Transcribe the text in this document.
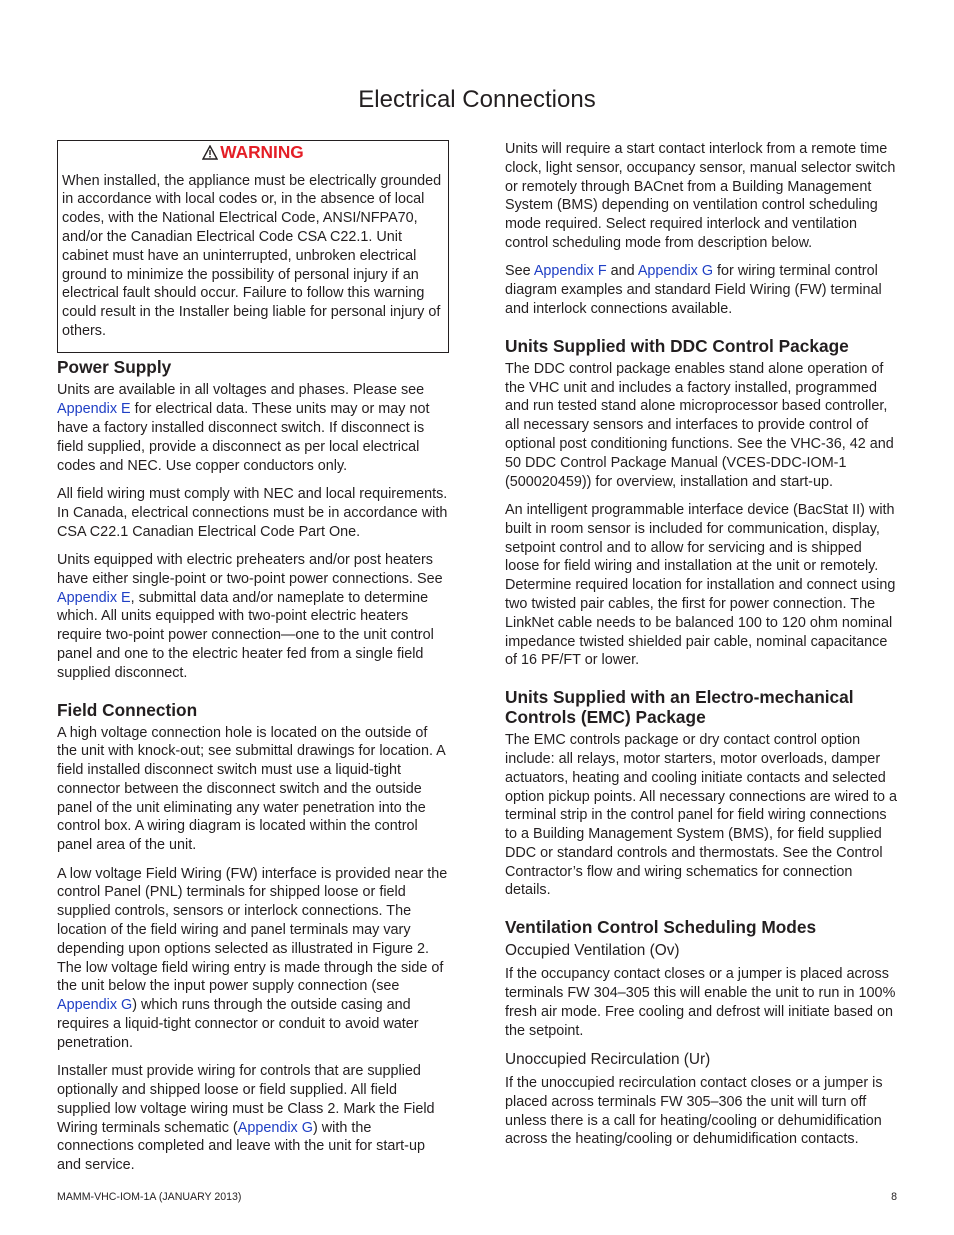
Electrical Connections

WARNING

When installed, the appliance must be electrically grounded in accordance with local codes or, in the absence of local codes, with the National Electrical Code, ANSI/NFPA70, and/or the Canadian Electrical Code CSA C22.1. Unit cabinet must have an uninterrupted, unbroken electrical ground to minimize the possibility of personal injury if an electrical fault should occur. Failure to follow this warning could result in the Installer being liable for personal injury of others.

Power Supply

Units are available in all voltages and phases. Please see Appendix E for electrical data. These units may or may not have a factory installed disconnect switch. If disconnect is field supplied, provide a disconnect as per local electrical codes and NEC. Use copper conductors only.

All field wiring must comply with NEC and local requirements. In Canada, electrical connections must be in accordance with CSA C22.1 Canadian Electrical Code Part One.

Units equipped with electric preheaters and/or post heaters have either single-point or two-point power connections. See Appendix E, submittal data and/or nameplate to determine which. All units equipped with two-point electric heaters require two-point power connection—one to the unit control panel and one to the electric heater fed from a single field supplied disconnect.

Field Connection

A high voltage connection hole is located on the outside of the unit with knock-out; see submittal drawings for location. A field installed disconnect switch must use a liquid-tight connector between the disconnect switch and the outside panel of the unit eliminating any water penetration into the control box. A wiring diagram is located within the control panel area of the unit.

A low voltage Field Wiring (FW) interface is provided near the control Panel (PNL) terminals for shipped loose or field supplied controls, sensors or interlock connections. The location of the field wiring and panel terminals may vary depending upon options selected as illustrated in Figure 2. The low voltage field wiring entry is made through the side of the unit below the input power supply connection (see Appendix G) which runs through the outside casing and requires a liquid-tight connector or conduit to avoid water penetration.

Installer must provide wiring for controls that are supplied optionally and shipped loose or field supplied. All field supplied low voltage wiring must be Class 2. Mark the Field Wiring terminals schematic (Appendix G) with the connections completed and leave with the unit for start-up and service.

Units will require a start contact interlock from a remote time clock, light sensor, occupancy sensor, manual selector switch or remotely through BACnet from a Building Management System (BMS) depending on ventilation control scheduling mode required. Select required interlock and ventilation control scheduling mode from description below.

See Appendix F and Appendix G for wiring terminal control diagram examples and standard Field Wiring (FW) terminal and interlock connections available.

Units Supplied with DDC Control Package

The DDC control package enables stand alone operation of the VHC unit and includes a factory installed, programmed and run tested stand alone microprocessor based controller, all necessary sensors and interfaces to provide control of optional post conditioning functions. See the VHC-36, 42 and 50 DDC Control Package Manual (VCES-DDC-IOM-1 (500020459)) for overview, installation and start-up.

An intelligent programmable interface device (BacStat II) with built in room sensor is included for communication, display, setpoint control and to allow for servicing and is shipped loose for field wiring and installation at the unit or remotely. Determine required location for installation and connect using two twisted pair cables, the first for power connection. The LinkNet cable needs to be balanced 100 to 120 ohm nominal impedance twisted shielded pair cable, nominal capacitance of 16 PF/FT or lower.

Units Supplied with an Electro-mechanical Controls (EMC) Package

The EMC controls package or dry contact control option include: all relays, motor starters, motor overloads, damper actuators, heating and cooling initiate contacts and selected option pickup points. All necessary connections are wired to a terminal strip in the control panel for field wiring connections to a Building Management System (BMS), for field supplied DDC or standard controls and thermostats. See the Control Contractor’s flow and wiring schematics for connection details.

Ventilation Control Scheduling Modes
Occupied Ventilation (Ov)

If the occupancy contact closes or a jumper is placed across terminals FW 304–305 this will enable the unit to run in 100% fresh air mode. Free cooling and defrost will initiate based on the setpoint.

Unoccupied Recirculation (Ur)

If the unoccupied recirculation contact closes or a jumper is placed across terminals FW 305–306 the unit will turn off unless there is a call for heating/cooling or dehumidification across the heating/cooling or dehumidification contacts.

MAMM-VHC-IOM-1A (JANUARY 2013)	8
